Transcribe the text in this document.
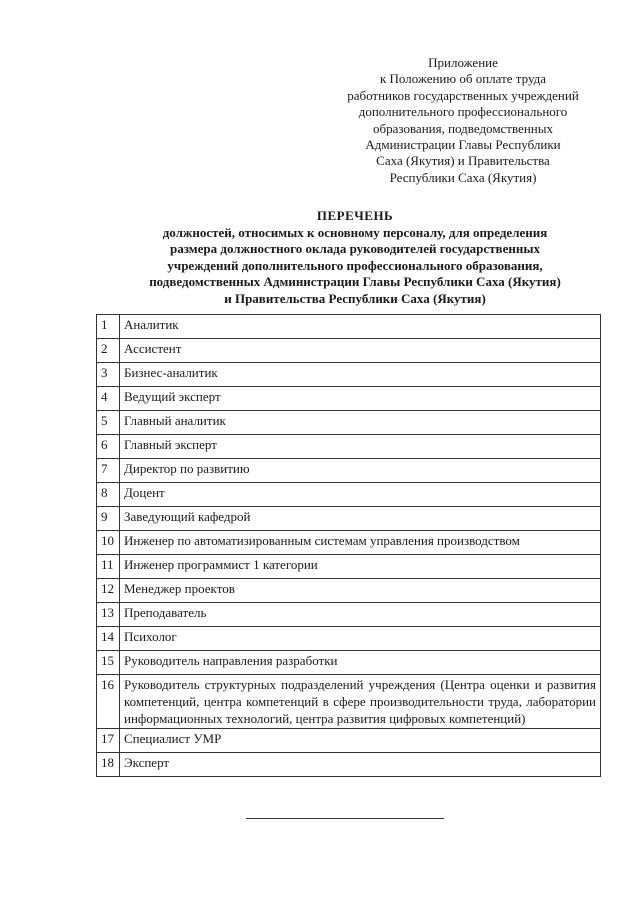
Приложение
к Положению об оплате труда
работников государственных учреждений
дополнительного профессионального
образования, подведомственных
Администрации Главы Республики
Саха (Якутия) и Правительства
Республики Саха (Якутия)
ПЕРЕЧЕНЬ
должностей, относимых к основному персоналу, для определения
размера должностного оклада руководителей государственных
учреждений дополнительного профессионального образования,
подведомственных Администрации Главы Республики Саха (Якутия)
и Правительства Республики Саха (Якутия)
1	Аналитик
2	Ассистент
3	Бизнес-аналитик
4	Ведущий эксперт
5	Главный аналитик
6	Главный эксперт
7	Директор по развитию
8	Доцент
9	Заведующий кафедрой
10	Инженер по автоматизированным системам управления производством
11	Инженер программист 1 категории
12	Менеджер проектов
13	Преподаватель
14	Психолог
15	Руководитель направления разработки
16	Руководитель структурных подразделений учреждения (Центра оценки и развития компетенций, центра компетенций в сфере производительности труда, лаборатории информационных технологий, центра развития цифровых компетенций)
17	Специалист УМР
18	Эксперт
